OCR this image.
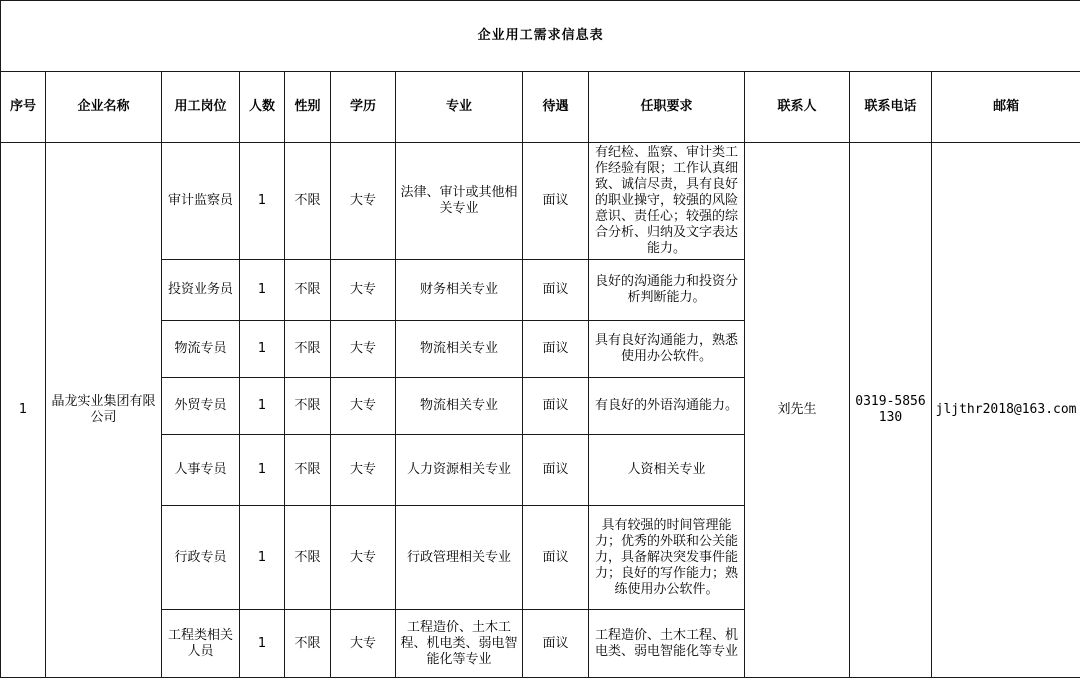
企业用工需求信息表											
序号	企业名称	用工岗位	人数	性别	学历	专业	待遇	任职要求	联系人	联系电话	邮箱
1	晶龙实业集团有限公司	审计监察员	1	不限	大专	法律、审计或其他相关专业	面议	有纪检、监察、审计类工作经验有限；工作认真细致、诚信尽责，具有良好的职业操守，较强的风险意识、责任心；较强的综合分析、归纳及文字表达能力。	刘先生	0319-5856130	jljthr2018@163.com
		投资业务员	1	不限	大专	财务相关专业	面议	良好的沟通能力和投资分析判断能力。			
		物流专员	1	不限	大专	物流相关专业	面议	具有良好沟通能力，熟悉使用办公软件。			
		外贸专员	1	不限	大专	物流相关专业	面议	有良好的外语沟通能力。			
		人事专员	1	不限	大专	人力资源相关专业	面议	人资相关专业			
		行政专员	1	不限	大专	行政管理相关专业	面议	具有较强的时间管理能力；优秀的外联和公关能力，具备解决突发事件能力；良好的写作能力；熟练使用办公软件。			
		工程类相关人员	1	不限	大专	工程造价、土木工程、机电类、弱电智能化等专业	面议	工程造价、土木工程、机电类、弱电智能化等专业			
